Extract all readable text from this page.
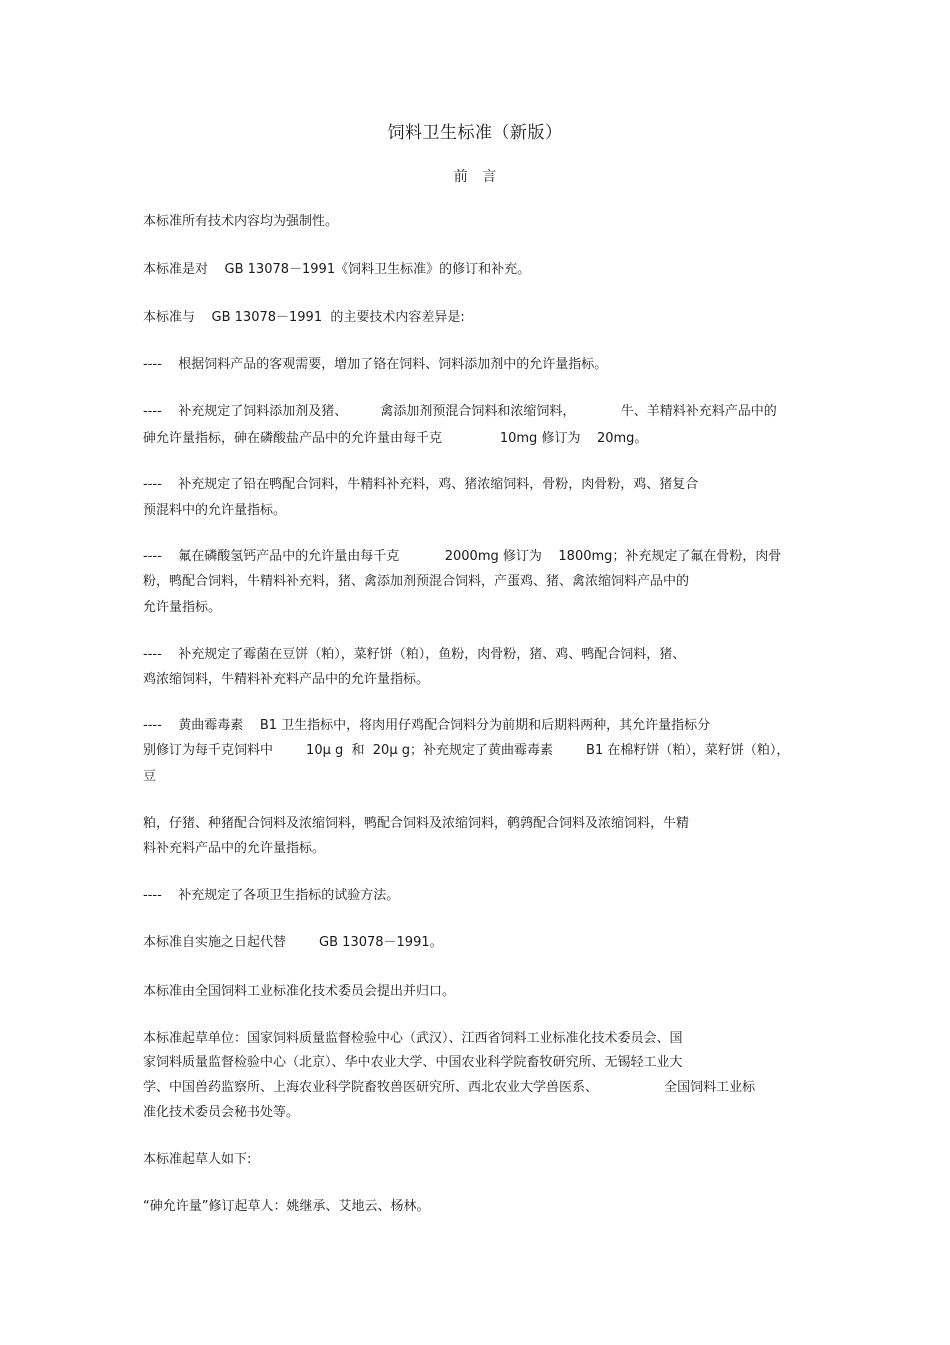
饲料卫生标准（新版）
前 言
本标准所有技术内容均为强制性。
本标准是对    GB 13078－1991《饲料卫生标准》的修订和补充。
本标准与    GB 13078－1991  的主要技术内容差异是:
----    根据饲料产品的客观需要，增加了铬在饲料、饲料添加剂中的允许量指标。
----    补充规定了饲料添加剂及猪、        禽添加剂预混合饲料和浓缩饲料，           牛、羊精料补充料产品中的
砷允许量指标，砷在磷酸盐产品中的允许量由每千克              10mg 修订为    20mg。
----    补充规定了铅在鸭配合饲料，牛精料补充料，鸡、猪浓缩饲料，骨粉，肉骨粉，鸡、猪复合
预混料中的允许量指标。
----    氟在磷酸氢钙产品中的允许量由每千克           2000mg 修订为    1800mg；补充规定了氟在骨粉，肉骨
粉，鸭配合饲料，牛精料补充料，猪、禽添加剂预混合饲料，产蛋鸡、猪、禽浓缩饲料产品中的
允许量指标。
----    补充规定了霉菌在豆饼（粕），菜籽饼（粕），鱼粉，肉骨粉，猪、鸡、鸭配合饲料，猪、
鸡浓缩饲料，牛精料补充料产品中的允许量指标。
----    黄曲霉毒素    B1 卫生指标中，将肉用仔鸡配合饲料分为前期和后期料两种，其允许量指标分
别修订为每千克饲料中        10μ g  和  20μ g；补充规定了黄曲霉毒素        B1 在棉籽饼（粕），菜籽饼（粕），
豆
粕，仔猪、种猪配合饲料及浓缩饲料，鸭配合饲料及浓缩饲料，鹌鹑配合饲料及浓缩饲料，牛精
料补充料产品中的允许量指标。
----    补充规定了各项卫生指标的试验方法。
本标准自实施之日起代替        GB 13078－1991。
本标准由全国饲料工业标准化技术委员会提出并归口。
本标准起草单位：国家饲料质量监督检验中心（武汉）、江西省饲料工业标准化技术委员会、国
家饲料质量监督检验中心（北京）、华中农业大学、中国农业科学院畜牧研究所、无锡轻工业大
学、中国兽药监察所、上海农业科学院畜牧兽医研究所、西北农业大学兽医系、                全国饲料工业标
准化技术委员会秘书处等。
本标准起草人如下:
“砷允许量”修订起草人：姚继承、艾地云、杨林。
